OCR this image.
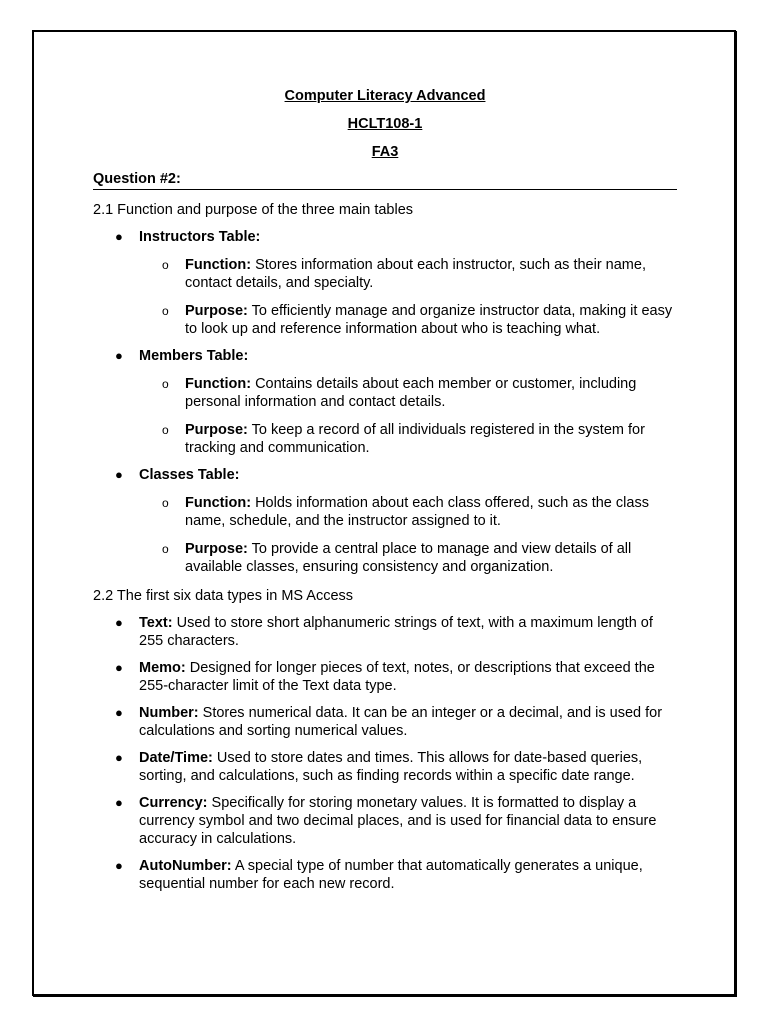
Computer Literacy Advanced

HCLT108-1

FA3

Question #2:

2.1 Function and purpose of the three main tables

● Instructors Table:
o Function: Stores information about each instructor, such as their name, contact details, and specialty.
o Purpose: To efficiently manage and organize instructor data, making it easy to look up and reference information about who is teaching what.
● Members Table:
o Function: Contains details about each member or customer, including personal information and contact details.
o Purpose: To keep a record of all individuals registered in the system for tracking and communication.
● Classes Table:
o Function: Holds information about each class offered, such as the class name, schedule, and the instructor assigned to it.
o Purpose: To provide a central place to manage and view details of all available classes, ensuring consistency and organization.

2.2 The first six data types in MS Access

● Text: Used to store short alphanumeric strings of text, with a maximum length of 255 characters.
● Memo: Designed for longer pieces of text, notes, or descriptions that exceed the 255-character limit of the Text data type.
● Number: Stores numerical data. It can be an integer or a decimal, and is used for calculations and sorting numerical values.
● Date/Time: Used to store dates and times. This allows for date-based queries, sorting, and calculations, such as finding records within a specific date range.
● Currency: Specifically for storing monetary values. It is formatted to display a currency symbol and two decimal places, and is used for financial data to ensure accuracy in calculations.
● AutoNumber: A special type of number that automatically generates a unique, sequential number for each new record.
